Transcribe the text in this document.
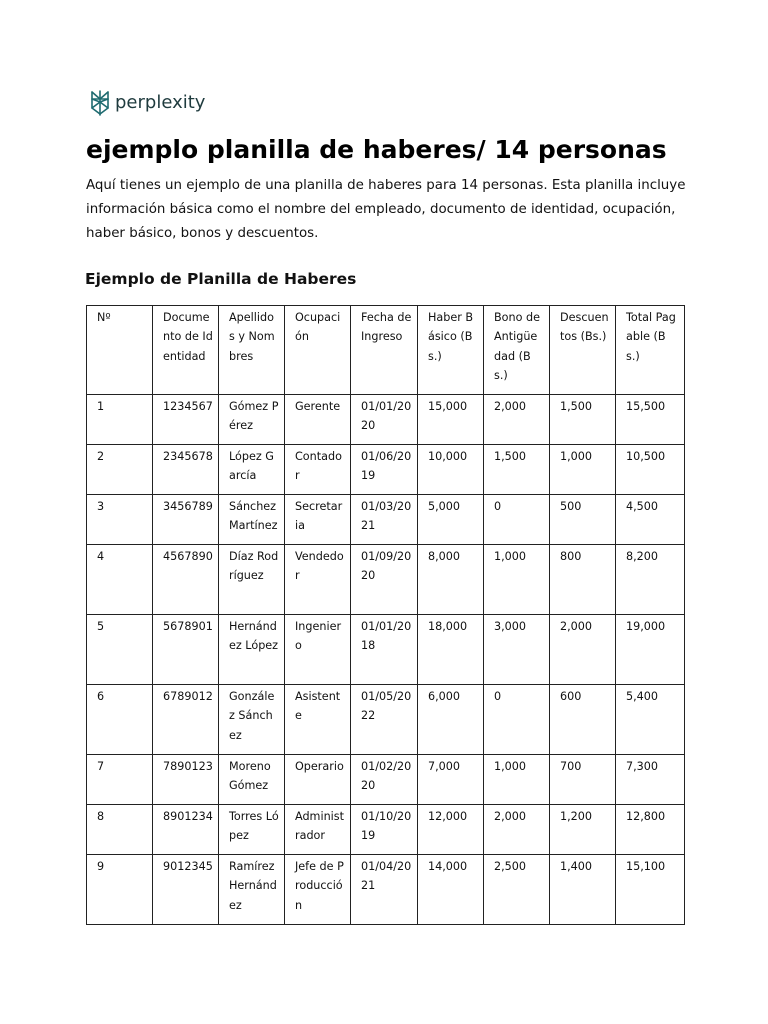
perplexity
ejemplo planilla de haberes/ 14 personas

Aquí tienes un ejemplo de una planilla de haberes para 14 personas. Esta planilla incluye información básica como el nombre del empleado, documento de identidad, ocupación, haber básico, bonos y descuentos.

Ejemplo de Planilla de Haberes
Nº	Documento de Identidad	Apellidos y Nombres	Ocupación	Fecha de Ingreso	Haber Básico (Bs.)	Bono de Antigüedad (Bs.)	Descuentos (Bs.)	Total Pagable (Bs.)

1	1234567	Gómez Pérez	Gerente	01/01/2020	15,000	2,000	1,500	15,500

2	2345678	López García	Contador	01/06/2019	10,000	1,500	1,000	10,500

3	3456789	Sánchez Martínez	Secretaria	01/03/2021	5,000	0	500	4,500

4	4567890	Díaz Rodríguez	Vendedor	01/09/2020	8,000	1,000	800	8,200

5	5678901	Hernández López	Ingeniero	01/01/2018	18,000	3,000	2,000	19,000

6	6789012	González Sánchez	Asistente	01/05/2022	6,000	0	600	5,400

7	7890123	Moreno Gómez	Operario	01/02/2020	7,000	1,000	700	7,300

8	8901234	Torres López	Administrador	01/10/2019	12,000	2,000	1,200	12,800

9	9012345	Ramírez Hernández	Jefe de Producción	01/04/2021	14,000	2,500	1,400	15,100
